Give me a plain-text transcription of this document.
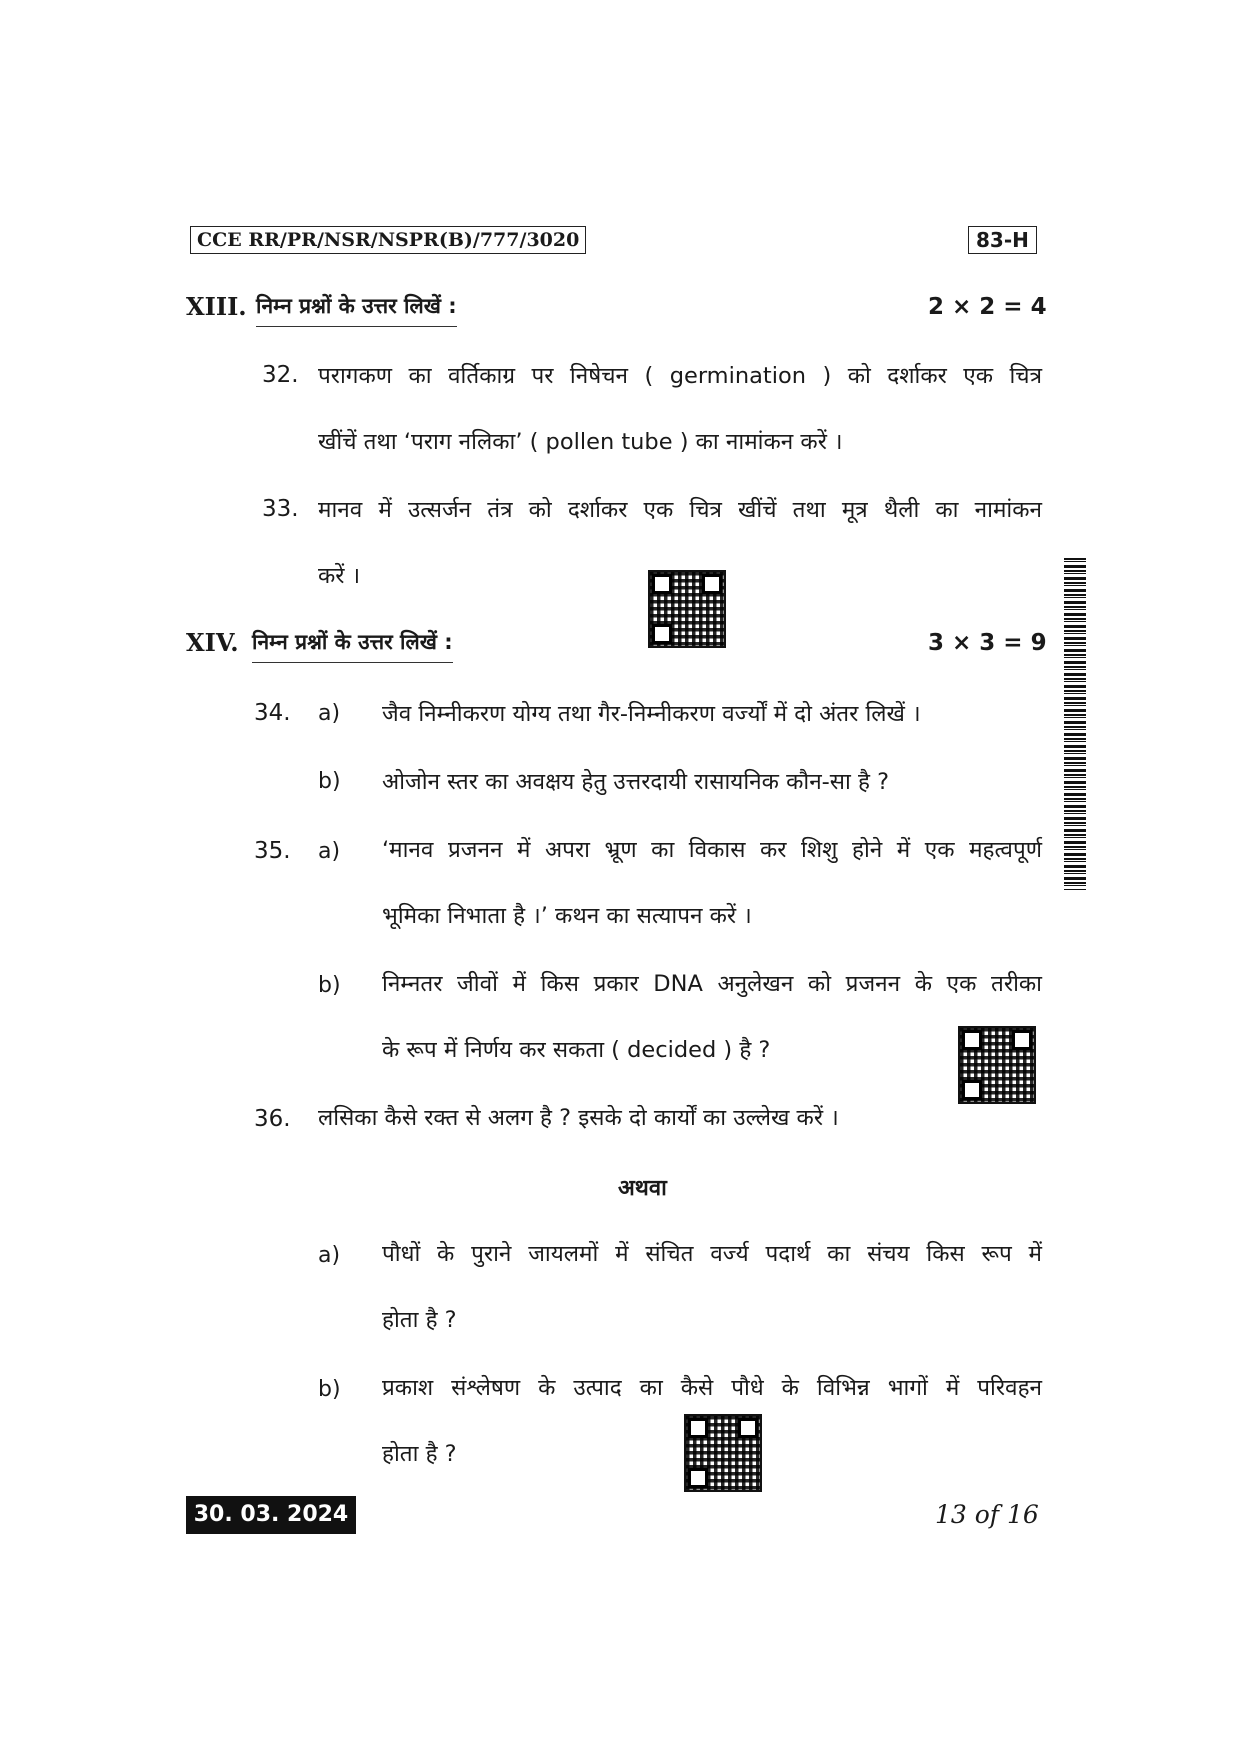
CCE RR/PR/NSR/NSPR(B)/777/3020	83-H
XIII. निम्न प्रश्नों के उत्तर लिखें :	2 × 2 = 4
32. परागकण का वर्तिकाग्र पर निषेचन ( germination ) को दर्शाकर एक चित्र
खींचें तथा ‘पराग नलिका’ ( pollen tube ) का नामांकन करें ।
33. मानव में उत्सर्जन तंत्र को दर्शाकर एक चित्र खींचें तथा मूत्र थैली का नामांकन
करें ।
XIV. निम्न प्रश्नों के उत्तर लिखें :	3 × 3 = 9
34. a) जैव निम्नीकरण योग्य तथा गैर-निम्नीकरण वर्ज्यों में दो अंतर लिखें ।
b) ओजोन स्तर का अवक्षय हेतु उत्तरदायी रासायनिक कौन-सा है ?
35. a) ‘मानव प्रजनन में अपरा भ्रूण का विकास कर शिशु होने में एक महत्वपूर्ण
भूमिका निभाता है ।’ कथन का सत्यापन करें ।
b) निम्नतर जीवों में किस प्रकार DNA अनुलेखन को प्रजनन के एक तरीका
के रूप में निर्णय कर सकता ( decided ) है ?
36. लसिका कैसे रक्त से अलग है ? इसके दो कार्यों का उल्लेख करें ।
अथवा
a) पौधों के पुराने जायलमों में संचित वर्ज्य पदार्थ का संचय किस रूप में
होता है ?
b) प्रकाश संश्लेषण के उत्पाद का कैसे पौधे के विभिन्न भागों में परिवहन
होता है ?
30. 03. 2024	13 of 16
